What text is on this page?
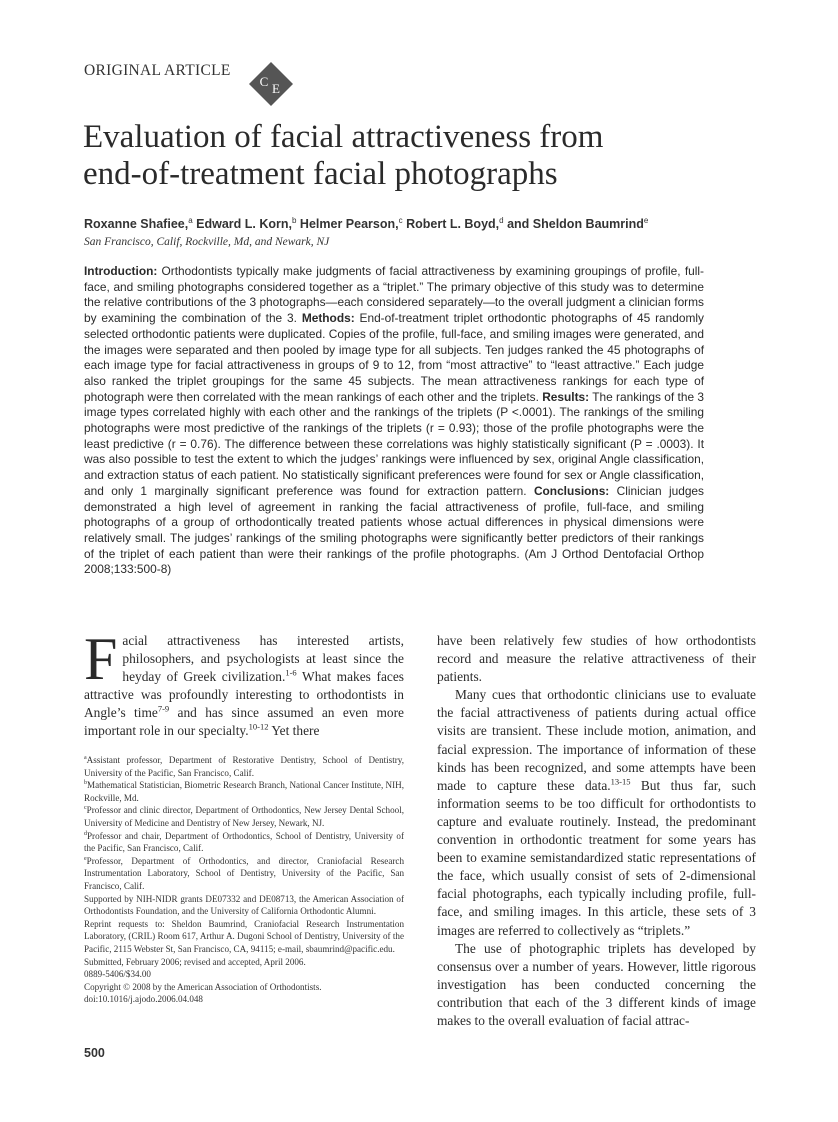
ORIGINAL ARTICLE
C E
Evaluation of facial attractiveness from
end-of-treatment facial photographs
Roxanne Shafiee,$^a$ Edward L. Korn,$^b$ Helmer Pearson,$^c$ Robert L. Boyd,$^d$ and Sheldon Baumrind$^e$
San Francisco, Calif, Rockville, Md, and Newark, NJ
Introduction: Orthodontists typically make judgments of facial attractiveness by examining groupings of profile, full-face, and smiling photographs considered together as a “triplet.” The primary objective of this study was to determine the relative contributions of the 3 photographs—each considered separately—to the overall judgment a clinician forms by examining the combination of the 3. Methods: End-of-treatment triplet orthodontic photographs of 45 randomly selected orthodontic patients were duplicated. Copies of the profile, full-face, and smiling images were generated, and the images were separated and then pooled by image type for all subjects. Ten judges ranked the 45 photographs of each image type for facial attractiveness in groups of 9 to 12, from “most attractive” to “least attractive.” Each judge also ranked the triplet groupings for the same 45 subjects. The mean attractiveness rankings for each type of photograph were then correlated with the mean rankings of each other and the triplets. Results: The rankings of the 3 image types correlated highly with each other and the rankings of the triplets (P <.0001). The rankings of the smiling photographs were most predictive of the rankings of the triplets (r = 0.93); those of the profile photographs were the least predictive (r = 0.76). The difference between these correlations was highly statistically significant (P = .0003). It was also possible to test the extent to which the judges’ rankings were influenced by sex, original Angle classification, and extraction status of each patient. No statistically significant preferences were found for sex or Angle classification, and only 1 marginally significant preference was found for extraction pattern. Conclusions: Clinician judges demonstrated a high level of agreement in ranking the facial attractiveness of profile, full-face, and smiling photographs of a group of orthodontically treated patients whose actual differences in physical dimensions were relatively small. The judges’ rankings of the smiling photographs were significantly better predictors of their rankings of the triplet of each patient than were their rankings of the profile photographs. (Am J Orthod Dentofacial Orthop 2008;133:500-8)

Facial attractiveness has interested artists, philosophers, and psychologists at least since the heyday of Greek civilization.$^{1-6}$ What makes faces attractive was profoundly interesting to orthodontists in Angle’s time$^{7-9}$ and has since assumed an even more important role in our specialty.$^{10-12}$ Yet there

$^a$Assistant professor, Department of Restorative Dentistry, School of Dentistry, University of the Pacific, San Francisco, Calif.

$^b$Mathematical Statistician, Biometric Research Branch, National Cancer Institute, NIH, Rockville, Md.

$^c$Professor and clinic director, Department of Orthodontics, New Jersey Dental School, University of Medicine and Dentistry of New Jersey, Newark, NJ.

$^d$Professor and chair, Department of Orthodontics, School of Dentistry, University of the Pacific, San Francisco, Calif.

$^e$Professor, Department of Orthodontics, and director, Craniofacial Research Instrumentation Laboratory, School of Dentistry, University of the Pacific, San Francisco, Calif.

Supported by NIH-NIDR grants DE07332 and DE08713, the American Association of Orthodontists Foundation, and the University of California Orthodontic Alumni.

Reprint requests to: Sheldon Baumrind, Craniofacial Research Instrumentation Laboratory, (CRIL) Room 617, Arthur A. Dugoni School of Dentistry, University of the Pacific, 2115 Webster St, San Francisco, CA, 94115; e-mail, sbaumrind@pacific.edu.

Submitted, February 2006; revised and accepted, April 2006.

0889-5406/$34.00

Copyright © 2008 by the American Association of Orthodontists.

doi:10.1016/j.ajodo.2006.04.048

have been relatively few studies of how orthodontists record and measure the relative attractiveness of their patients.

Many cues that orthodontic clinicians use to evaluate the facial attractiveness of patients during actual office visits are transient. These include motion, animation, and facial expression. The importance of information of these kinds has been recognized, and some attempts have been made to capture these data.$^{13-15}$ But thus far, such information seems to be too difficult for orthodontists to capture and evaluate routinely. Instead, the predominant convention in orthodontic treatment for some years has been to examine semistandardized static representations of the face, which usually consist of sets of 2-dimensional facial photographs, each typically including profile, full-face, and smiling images. In this article, these sets of 3 images are referred to collectively as “triplets.”

The use of photographic triplets has developed by consensus over a number of years. However, little rigorous investigation has been conducted concerning the contribution that each of the 3 different kinds of image makes to the overall evaluation of facial attrac-

500
